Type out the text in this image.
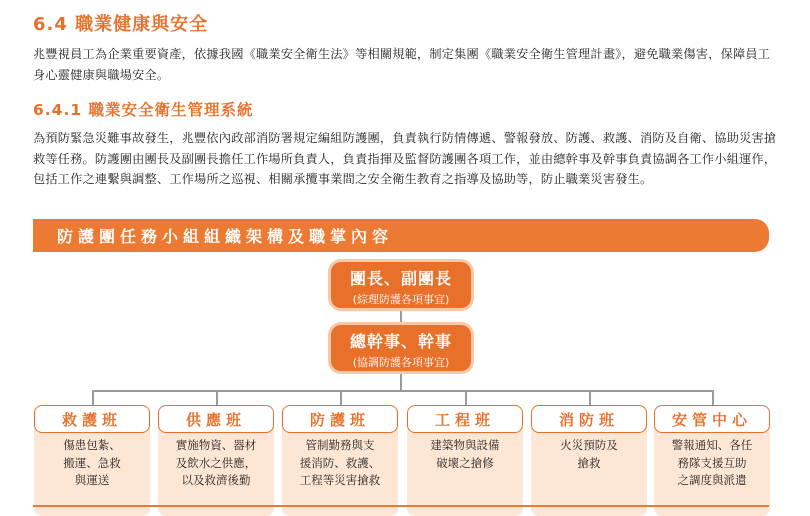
6.4 職業健康與安全
兆豐視員工為企業重要資產，依據我國《職業安全衛生法》等相關規範，制定集團《職業安全衛生管理計畫》，避免職業傷害，保障員工身心靈健康與職場安全。
6.4.1 職業安全衛生管理系統
為預防緊急災難事故發生，兆豐依內政部消防署規定編組防護團，負責執行防情傳遞、警報發放、防護、救護、消防及自衛、協助災害搶救等任務。防護團由團長及副團長擔任工作場所負責人，負責指揮及監督防護團各項工作，並由總幹事及幹事負責協調各工作小組運作，包括工作之連繫與調整、工作場所之巡視、相關承攬事業間之安全衛生教育之指導及協助等，防止職業災害發生。
防護團任務小組組織架構及職掌內容
團長、副團長
(綜理防護各項事宜)
總幹事、幹事
(協調防護各項事宜)
救護班
傷患包紮、
搬運、急救
與運送
供應班
實施物資、器材
及飲水之供應，
以及救濟後勤
防護班
管制勤務與支
援消防、救護、
工程等災害搶救
工程班
建築物與設備
破壞之搶修
消防班
火災預防及
搶救
安管中心
警報通知、各任
務隊支援互助
之調度與派遣
